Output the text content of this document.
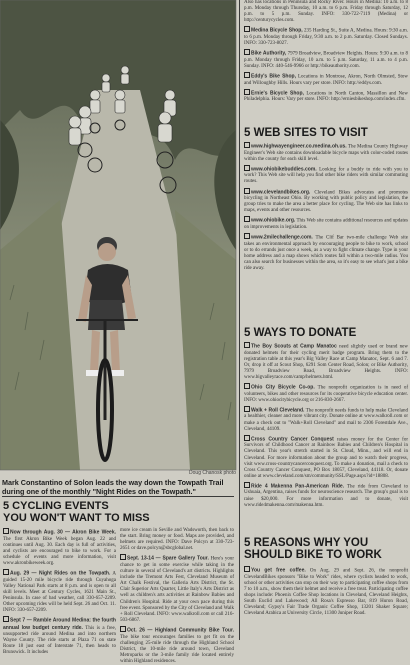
Doug Chanosk photo
Mark Constantino of Solon leads the way down the Towpath Trail during one of the monthly "Night Rides on the Towpath."
5 CYCLING EVENTS
YOU WON'T WANT TO MISS

Now through Aug. 30 — Akron Bike Week. The first Akron Bike Week began Aug. 22 and continues until Aug. 30. Each day is full of activities, and cyclists are encouraged to bike to work. For a schedule of events and more information, visit www.akronbikeweek.org.

Aug. 29 — Night Rides on the Towpath. A guided 15-20 mile bicycle ride through Cuyahoga Valley National Park starts at 8 p.m. and is open to all skill levels. Meet at Century Cycles, 1621 Main St., Peninsula. In case of bad weather, call 330-657-2209. Other upcoming rides will be held Sept. 26 and Oct. 11. INFO: 330-657-2209.

Sept 7 — Ramble Around Medina: the fourth annual low budget century ride. This is a free, unsupported ride around Medina and into northern Wayne County. The ride starts at Plaza 71 on state Route 18 just east of Interstate 71, then heads to Brunswick. It includes

more ice cream in Seville and Wadsworth, then back to the start. Bring money or food. Maps are provided, and helmets are required. INFO: Dave Polcyn at 330-723-2651 or dave.polcyn@sbcglobal.net.

Sept. 13-14 — Spare Gallery Tour. Here's your chance to get in some exercise while taking in the culture in several of Cleveland's art districts. Highlights include the Tremont Arts Fest, Cleveland Museum of Art Chalk Festival, the Galleria Arts District, the St. Clair Superior Arts Quarter, Little Italy's Arts District as well as children's arts activities at Rainbow Babies and Children's Hospital. Ride at your own pace during this free event. Sponsored by the City of Cleveland and Walk + Roll Cleveland. INFO: www.walkroll.com or call 216-503-6867.

Oct. 26 — Highland Community Bike Tour. The bike tour encourages families to get fit on the challenging 25-mile ride through the Highland School District, the 10-mile ride around town, Cleveland Metroparks or the 3-mile family ride located entirely within Highland residences.

Also has locations in Peninsula and Rocky River. Hours in Medina: 10 a.m. to 8 p.m. Monday through Thursday, 10 a.m. to 6 p.m. Friday through Saturday, 12 p.m. to 5 p.m. Sunday. INFO: 330-722-7119 (Medina) or http://centurycycles.com.

Medina Bicycle Shop, 235 Harding St., Suite A, Medina. Hours: 9:30 a.m. to 6 p.m. Monday through Friday, 9:30 a.m. to 2 p.m. Saturday. Closed Sundays. INFO: 330-723-8027.

Bike Authority, 7979 Broadview, Broadview Heights. Hours: 9:30 a.m. to 8 p.m. Monday through Friday, 10 a.m. to 5 p.m. Saturday, 11 a.m. to 4 p.m. Sunday. INFO: 440-546-9966 or http://bikeauthority.com.

Eddy's Bike Shop, Locations in Montrose, Akron, North Olmsted, Stow and Willoughby Hills. Hours vary per store. INFO: http://eddys.com.

Ernie's Bicycle Shop, Locations in North Canton, Massillon and New Philadelphia. Hours: Vary per store. INFO: http://erniesbikeshop.com/index.cfm.

5 WEB SITES TO VISIT

www.highwayengineer.co.medina.oh.us. The Medina County Highway Engineer's Web site contains downloadable bicycle maps with color-coded routes within the county for each skill level.

www.ohiobikebuddies.com. Looking for a buddy to ride with you to work? This Web site will help you find other bike riders with similar commuting routes.

www.clevelandbikes.org. Cleveland Bikes advocates and promotes bicycling in Northeast Ohio. By working with public policy and legislation, the group tries to make the area a better place for cycling. The Web site has links to maps, events and other resources.

www.ohiobike.org. This Web site contains additional resources and updates on improvements in legislation.

www.2milechallenge.com. The Clif Bar two-mile challenge Web site takes an environmental approach by encouraging people to bike to work, school or to do errands just once a week, as a way to fight climate change. Type in your home address and a map shows which routes fall within a two-mile radius. You can also search for businesses within the area, so it's easy to see what's just a bike ride away.

5 WAYS TO DONATE

The Boy Scouts at Camp Manatoc need slightly used or brand new donated helmets for their cycling merit badge program. Bring them to the registration table at this year's Big Valley Race at Camp Manatoc, Sept. 6 and 7. Or, drop it off at Scout Shop, 6291 Som Center Road, Solon; or Bike Authority, 7979 Broadview Road, Broadview Heights. INFO: www.bigvalleyrace.com/camp/helmets.html.

Ohio City Bicycle Co-op. The nonprofit organization is in need of volunteers, bikes and other resources for its cooperative bicycle education center. INFO: www.ohiocitybicycle.org or 216-830-2667.

Walk + Roll Cleveland. The nonprofit needs funds to help make Cleveland a healthier, cleaner and more vibrant city. Donate online at www.walkroll.com or make a check out to "Walk+Roll Cleveland" and mail to 2306 Forestdale Ave., Cleveland, 44109.

Cross Country Cancer Conquest raises money for the Center for Survivors of Childhood Cancer at Rainbow Babies and Children's Hospital in Cleveland. This year's stretch started in St. Cloud, Minn., and will end in Cleveland. For more information about the group and to watch their progress, visit www.cross-countrycancerconquest.org. To make a donation, mail a check to Cross Country Cancer Conquest, PO Box 18057, Cleveland, 44118. Or, donate online at www.cleveland.com/sm/community/SSL/Page.aspx?id=18808.

Ride 4 Makenna Pan-American Ride. The ride from Cleveland to Ushuaia, Argentina, raises funds for neuroscience research. The group's goal is to raise $20,000. For more information and to donate, visit www.ride4makenna.com/makenna.htm.

5 REASONS WHY YOU
SHOULD BIKE TO WORK

You get free coffee. On Aug. 29 and Sept. 26, the nonprofit ClevelandBikes sponsors "Bike to Work" rides, where cyclists headed to work, school or other activities can stop on their way to participating coffee shops from 7 to 10 a.m., show them their helmet and receive a free treat. Participating coffee shops include: Phoenix Coffee Shop locations in Cleveland, Cleveland Heights, South Euclid and Lakewood; All Rosa's Espresso Bar, 819 Huron Road, Cleveland; Gypsy's Fair Trade Organic Coffee Shop, 13201 Shaker Square; Cleveland Arabica at University Circle, 11300 Juniper Road.
